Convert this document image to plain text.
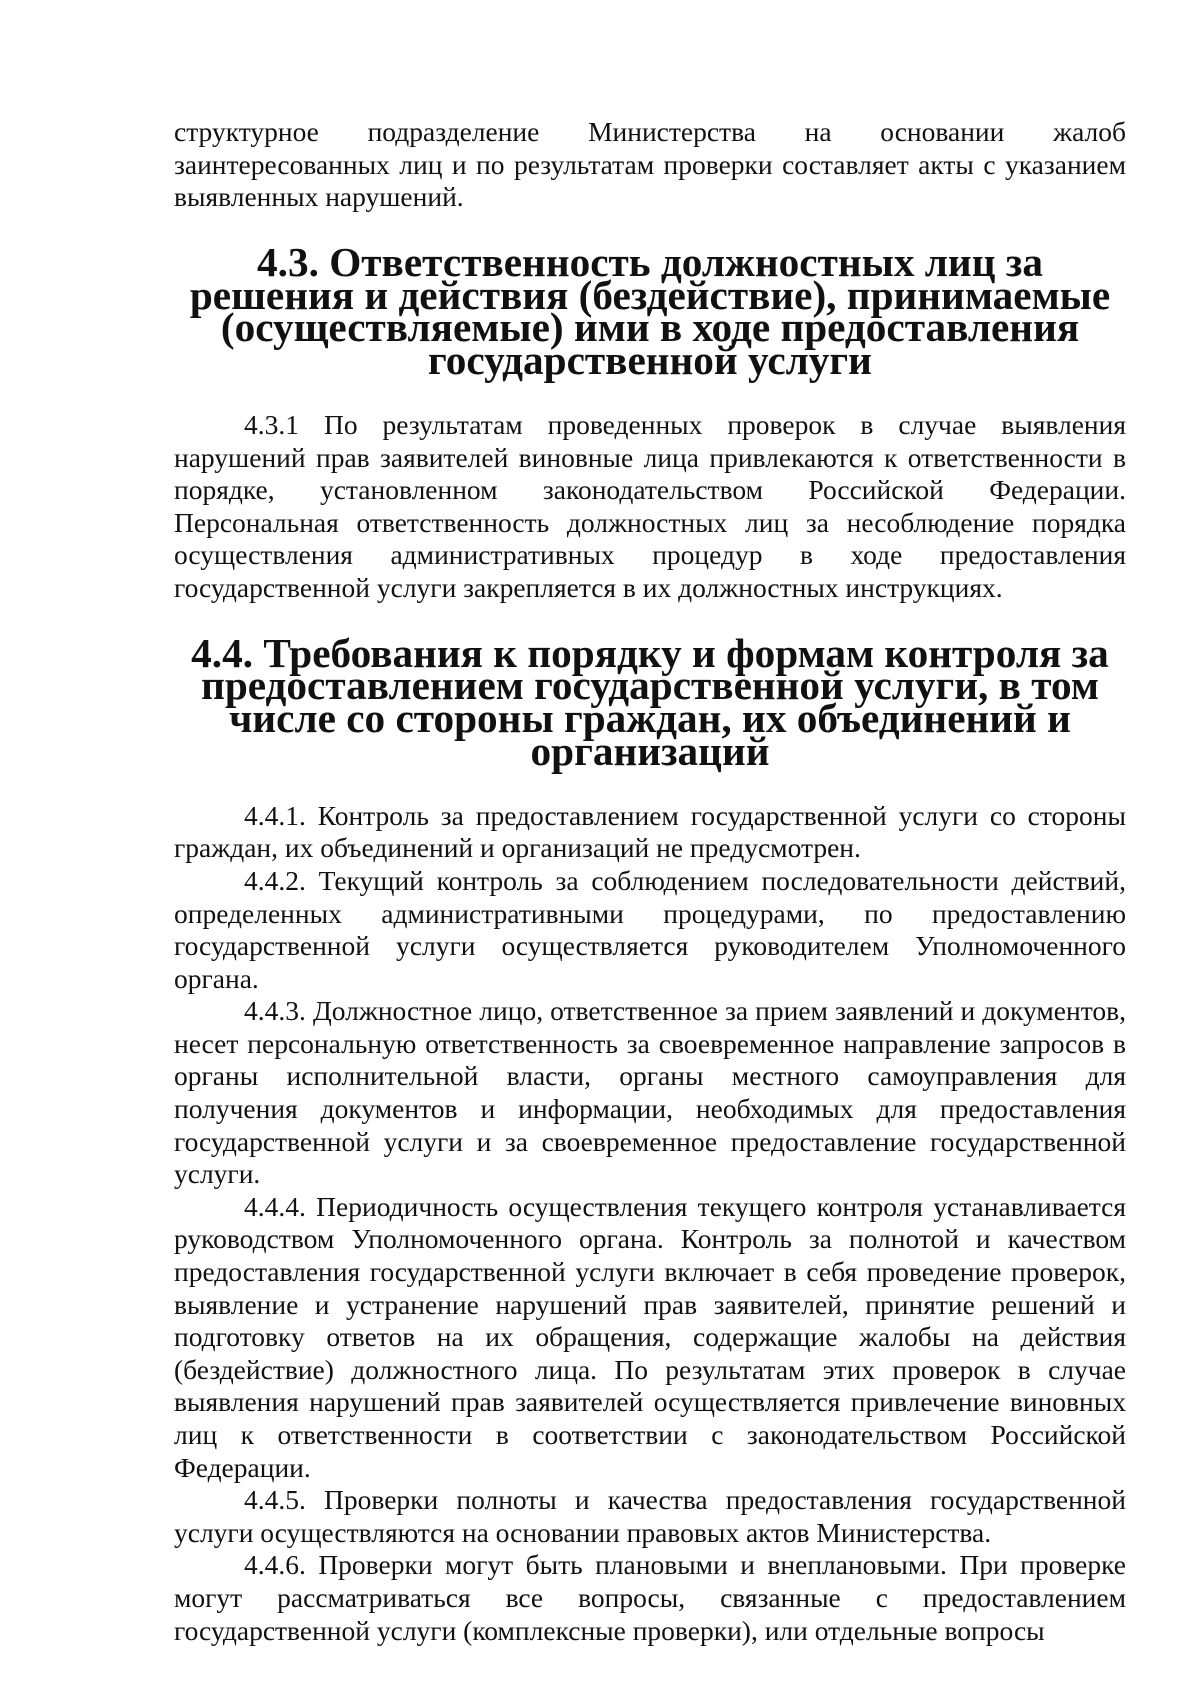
структурное подразделение Министерства на основании жалоб заинтересованных лиц и по результатам проверки составляет акты с указанием выявленных нарушений.

4.3. Ответственность должностных лиц за решения и действия (бездействие), принимаемые (осуществляемые) ими в ходе предоставления государственной услуги

4.3.1 По результатам проведенных проверок в случае выявления нарушений прав заявителей виновные лица привлекаются к ответственности в порядке, установленном законодательством Российской Федерации. Персональная ответственность должностных лиц за несоблюдение порядка осуществления административных процедур в ходе предоставления государственной услуги закрепляется в их должностных инструкциях.

4.4. Требования к порядку и формам контроля за предоставлением государственной услуги, в том числе со стороны граждан, их объединений и организаций

4.4.1. Контроль за предоставлением государственной услуги со стороны граждан, их объединений и организаций не предусмотрен.

4.4.2. Текущий контроль за соблюдением последовательности действий, определенных административными процедурами, по предоставлению государственной услуги осуществляется руководителем Уполномоченного органа.

4.4.3. Должностное лицо, ответственное за прием заявлений и документов, несет персональную ответственность за своевременное направление запросов в органы исполнительной власти, органы местного самоуправления для получения документов и информации, необходимых для предоставления государственной услуги и за своевременное предоставление государственной услуги.

4.4.4. Периодичность осуществления текущего контроля устанавливается руководством Уполномоченного органа. Контроль за полнотой и качеством предоставления государственной услуги включает в себя проведение проверок, выявление и устранение нарушений прав заявителей, принятие решений и подготовку ответов на их обращения, содержащие жалобы на действия (бездействие) должностного лица. По результатам этих проверок в случае выявления нарушений прав заявителей осуществляется привлечение виновных лиц к ответственности в соответствии с законодательством Российской Федерации.

4.4.5. Проверки полноты и качества предоставления государственной услуги осуществляются на основании правовых актов Министерства.

4.4.6. Проверки могут быть плановыми и внеплановыми. При проверке могут рассматриваться все вопросы, связанные с предоставлением государственной услуги (комплексные проверки), или отдельные вопросы
